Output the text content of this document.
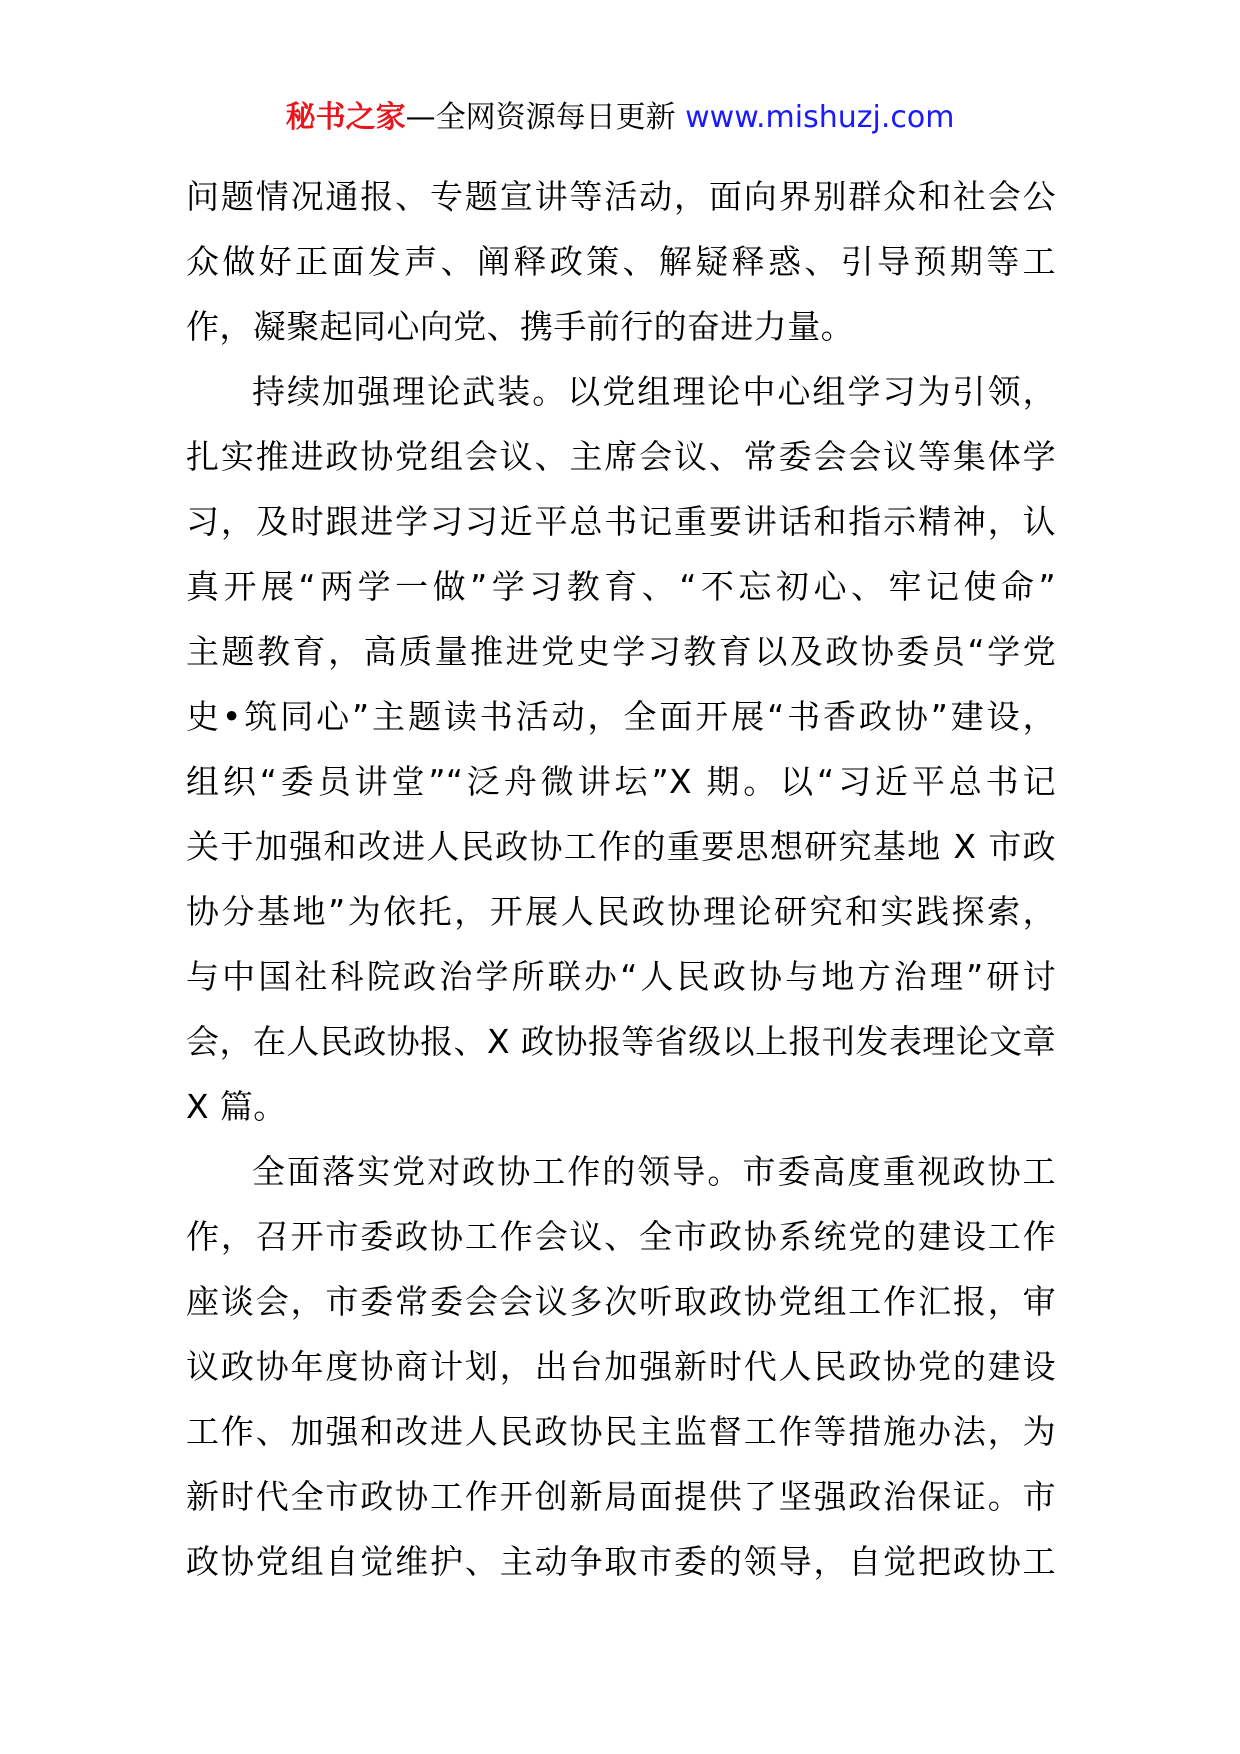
秘书之家—全网资源每日更新 www.mishuzj.com
问题情况通报、专题宣讲等活动，面向界别群众和社会公
众做好正面发声、阐释政策、解疑释惑、引导预期等工
作，凝聚起同心向党、携手前行的奋进力量。
持续加强理论武装。以党组理论中心组学习为引领，
扎实推进政协党组会议、主席会议、常委会会议等集体学
习，及时跟进学习习近平总书记重要讲话和指示精神，认
真开展“两学一做”学习教育、“不忘初心、牢记使命”
主题教育，高质量推进党史学习教育以及政协委员“学党
史•筑同心”主题读书活动，全面开展“书香政协”建设，
组织“委员讲堂”“泛舟微讲坛”X 期。以“习近平总书记
关于加强和改进人民政协工作的重要思想研究基地 X 市政
协分基地”为依托，开展人民政协理论研究和实践探索，
与中国社科院政治学所联办“人民政协与地方治理”研讨
会，在人民政协报、X 政协报等省级以上报刊发表理论文章
X 篇。
全面落实党对政协工作的领导。市委高度重视政协工
作，召开市委政协工作会议、全市政协系统党的建设工作
座谈会，市委常委会会议多次听取政协党组工作汇报，审
议政协年度协商计划，出台加强新时代人民政协党的建设
工作、加强和改进人民政协民主监督工作等措施办法，为
新时代全市政协工作开创新局面提供了坚强政治保证。市
政协党组自觉维护、主动争取市委的领导，自觉把政协工
